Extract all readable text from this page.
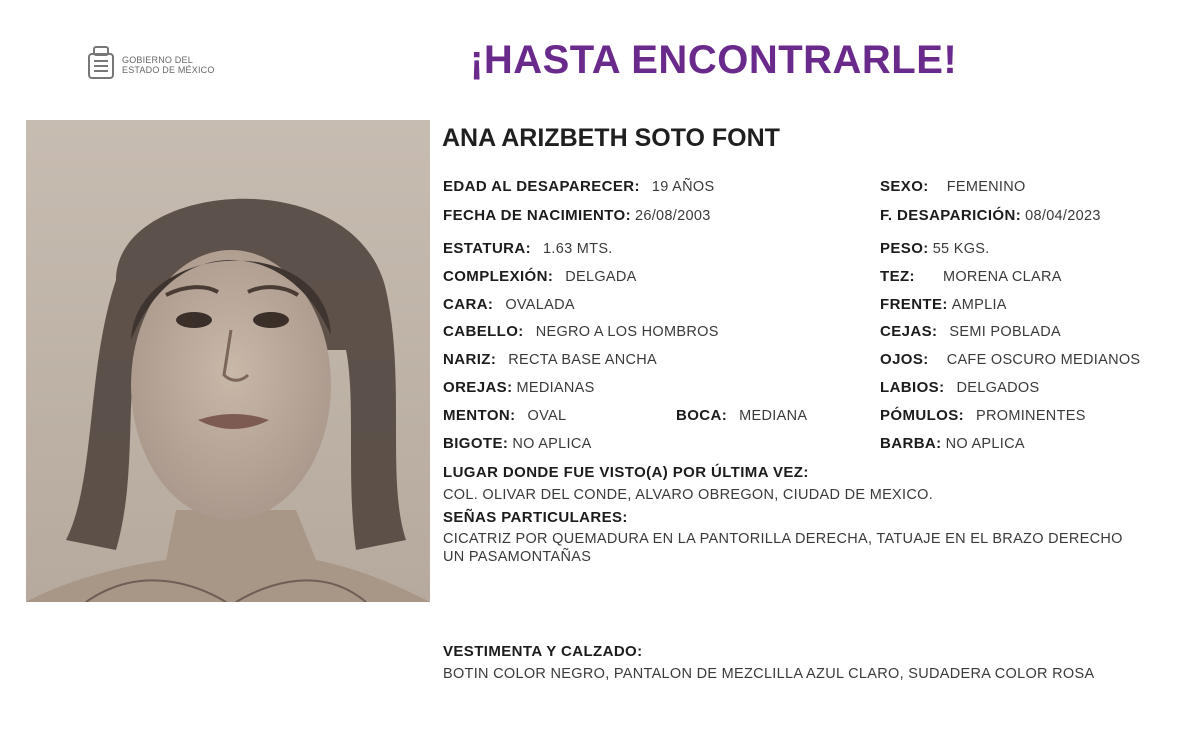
GOBIERNO DEL
ESTADO DE MÉXICO	¡HASTA ENCONTRARLE!
ANA ARIZBETH SOTO FONT
EDAD AL DESAPARECER: 19 AÑOS
FECHA DE NACIMIENTO: 26/08/2003
ESTATURA: 1.63 MTS.
COMPLEXIÓN: DELGADA
CARA: OVALADA
CABELLO: NEGRO A LOS HOMBROS
NARIZ: RECTA BASE ANCHA
OREJAS: MEDIANAS
MENTON: OVAL	BOCA: MEDIANA
BIGOTE: NO APLICA
SEXO: FEMENINO
F. DESAPARICIÓN: 08/04/2023
PESO: 55 KGS.
TEZ: MORENA CLARA
FRENTE: AMPLIA
CEJAS: SEMI POBLADA
OJOS: CAFE OSCURO MEDIANOS
LABIOS: DELGADOS
PÓMULOS: PROMINENTES
BARBA: NO APLICA
LUGAR DONDE FUE VISTO(A) POR ÚLTIMA VEZ:
COL. OLIVAR DEL CONDE, ALVARO OBREGON, CIUDAD DE MEXICO.
SEÑAS PARTICULARES:
CICATRIZ POR QUEMADURA EN LA PANTORILLA DERECHA, TATUAJE EN EL BRAZO DERECHO UN PASAMONTAÑAS
VESTIMENTA Y CALZADO:
BOTIN COLOR NEGRO, PANTALON DE MEZCLILLA AZUL CLARO, SUDADERA COLOR ROSA
